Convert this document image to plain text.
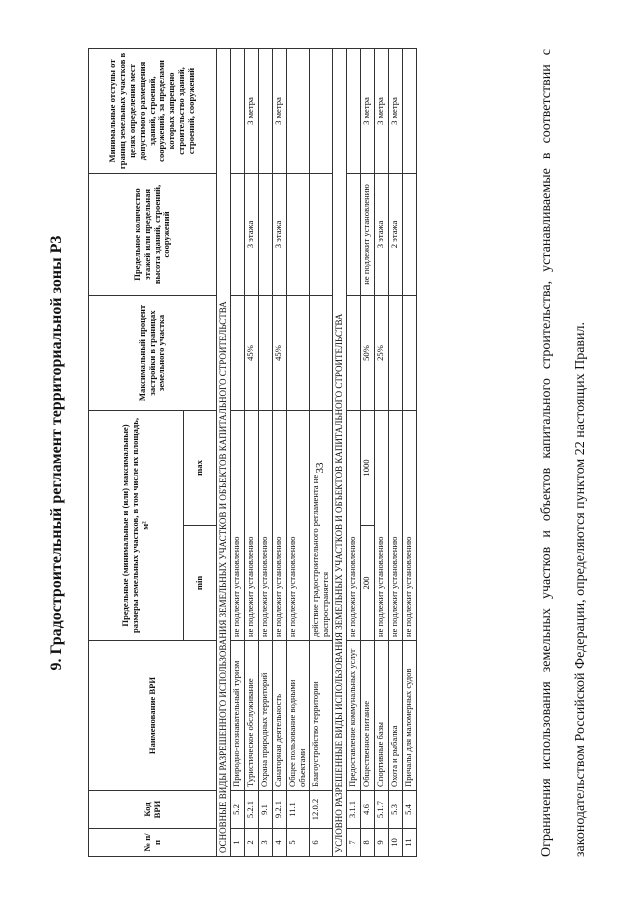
33
9. Градостроительный регламент территориальной зоны Р3
№ п/п	Код ВРИ	Наименование ВРИ	Предельные (минимальные и (или) максимальные) размеры земельных участков, в том числе их площадь, м²		Максимальный процент застройки в границах земельного участка	Предельное количество этажей или предельная высота зданий, строений, сооружений	Минимальные отступы от границ земельных участков в целях определения мест допустимого размещения зданий, строений, сооружений, за пределами которых запрещено строительство зданий, строений, сооружений
			min	max			
ОСНОВНЫЕ ВИДЫ РАЗРЕШЕННОГО ИСПОЛЬЗОВАНИЯ ЗЕМЕЛЬНЫХ УЧАСТКОВ И ОБЪЕКТОВ КАПИТАЛЬНОГО СТРОИТЕЛЬСТВА							
1	5.2	Природно-познавательный туризм	не подлежит установлению				
2	5.2.1	Туристическое обслуживание	не подлежит установлению		45%	3 этажа	3 метра
3	9.1	Охрана природных территорий	не подлежит установлению				
4	9.2.1	Санаторная деятельность	не подлежит установлению		45%	3 этажа	3 метра
5	11.1	Общее пользование водными объектами	не подлежит установлению				
6	12.0.2	Благоустройство территории	действие градостроительного регламента не распространяется				
УСЛОВНО РАЗРЕШЕННЫЕ ВИДЫ ИСПОЛЬЗОВАНИЯ ЗЕМЕЛЬНЫХ УЧАСТКОВ И ОБЪЕКТОВ КАПИТАЛЬНОГО СТРОИТЕЛЬСТВА							
7	3.1.1	Предоставление коммунальных услуг	не подлежит установлению				
8	4.6	Общественное питание	200	1000	50%	не подлежит установлению	3 метра
9	5.1.7	Спортивные базы	не подлежит установлению		25%	3 этажа	3 метра
10	5.3	Охота и рыбалка	не подлежит установлению			2 этажа	3 метра
11	5.4	Причалы для маломерных судов	не подлежит установлению					Ограничения использования земельных участков и объектов капитального строительства, устанавливаемые в соответствии с законодательством Российской Федерации, определяются пунктом 22 настоящих Правил.
